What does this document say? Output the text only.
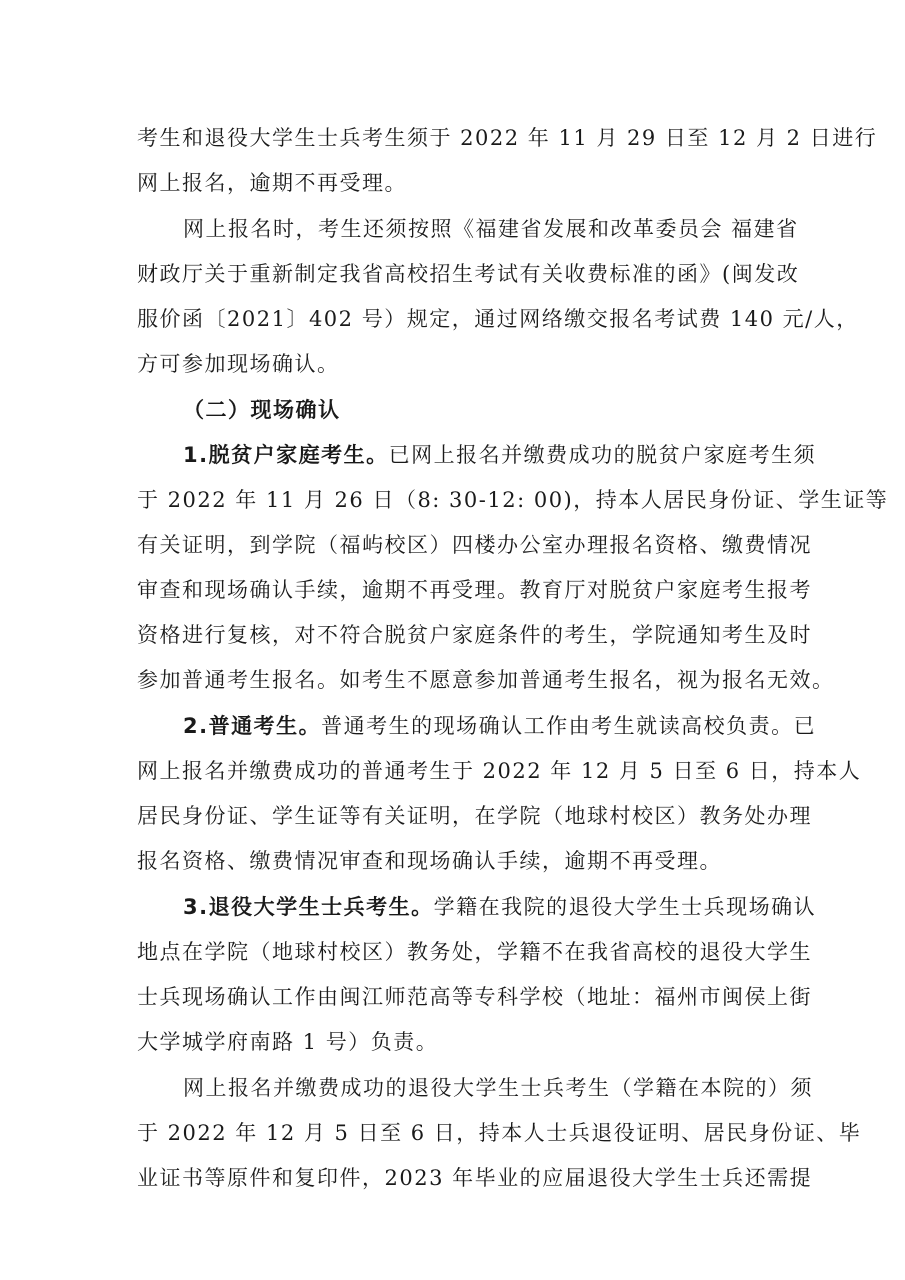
考生和退役大学生士兵考生须于 2022 年 11 月 29 日至 12 月 2 日进行
网上报名，逾期不再受理。
网上报名时，考生还须按照《福建省发展和改革委员会 福建省
财政厅关于重新制定我省高校招生考试有关收费标准的函》(闽发改
服价函〔2021〕402 号）规定，通过网络缴交报名考试费 140 元/人，
方可参加现场确认。
（二）现场确认
1.脱贫户家庭考生。已网上报名并缴费成功的脱贫户家庭考生须
于 2022 年 11 月 26 日（8: 30-12: 00)，持本人居民身份证、学生证等
有关证明，到学院（福屿校区）四楼办公室办理报名资格、缴费情况
审查和现场确认手续，逾期不再受理。教育厅对脱贫户家庭考生报考
资格进行复核，对不符合脱贫户家庭条件的考生，学院通知考生及时
参加普通考生报名。如考生不愿意参加普通考生报名，视为报名无效。
2.普通考生。普通考生的现场确认工作由考生就读高校负责。已
网上报名并缴费成功的普通考生于 2022 年 12 月 5 日至 6 日，持本人
居民身份证、学生证等有关证明，在学院（地球村校区）教务处办理
报名资格、缴费情况审查和现场确认手续，逾期不再受理。
3.退役大学生士兵考生。学籍在我院的退役大学生士兵现场确认
地点在学院（地球村校区）教务处，学籍不在我省高校的退役大学生
士兵现场确认工作由闽江师范高等专科学校（地址：福州市闽侯上街
大学城学府南路 1 号）负责。
网上报名并缴费成功的退役大学生士兵考生（学籍在本院的）须
于 2022 年 12 月 5 日至 6 日，持本人士兵退役证明、居民身份证、毕
业证书等原件和复印件，2023 年毕业的应届退役大学生士兵还需提
